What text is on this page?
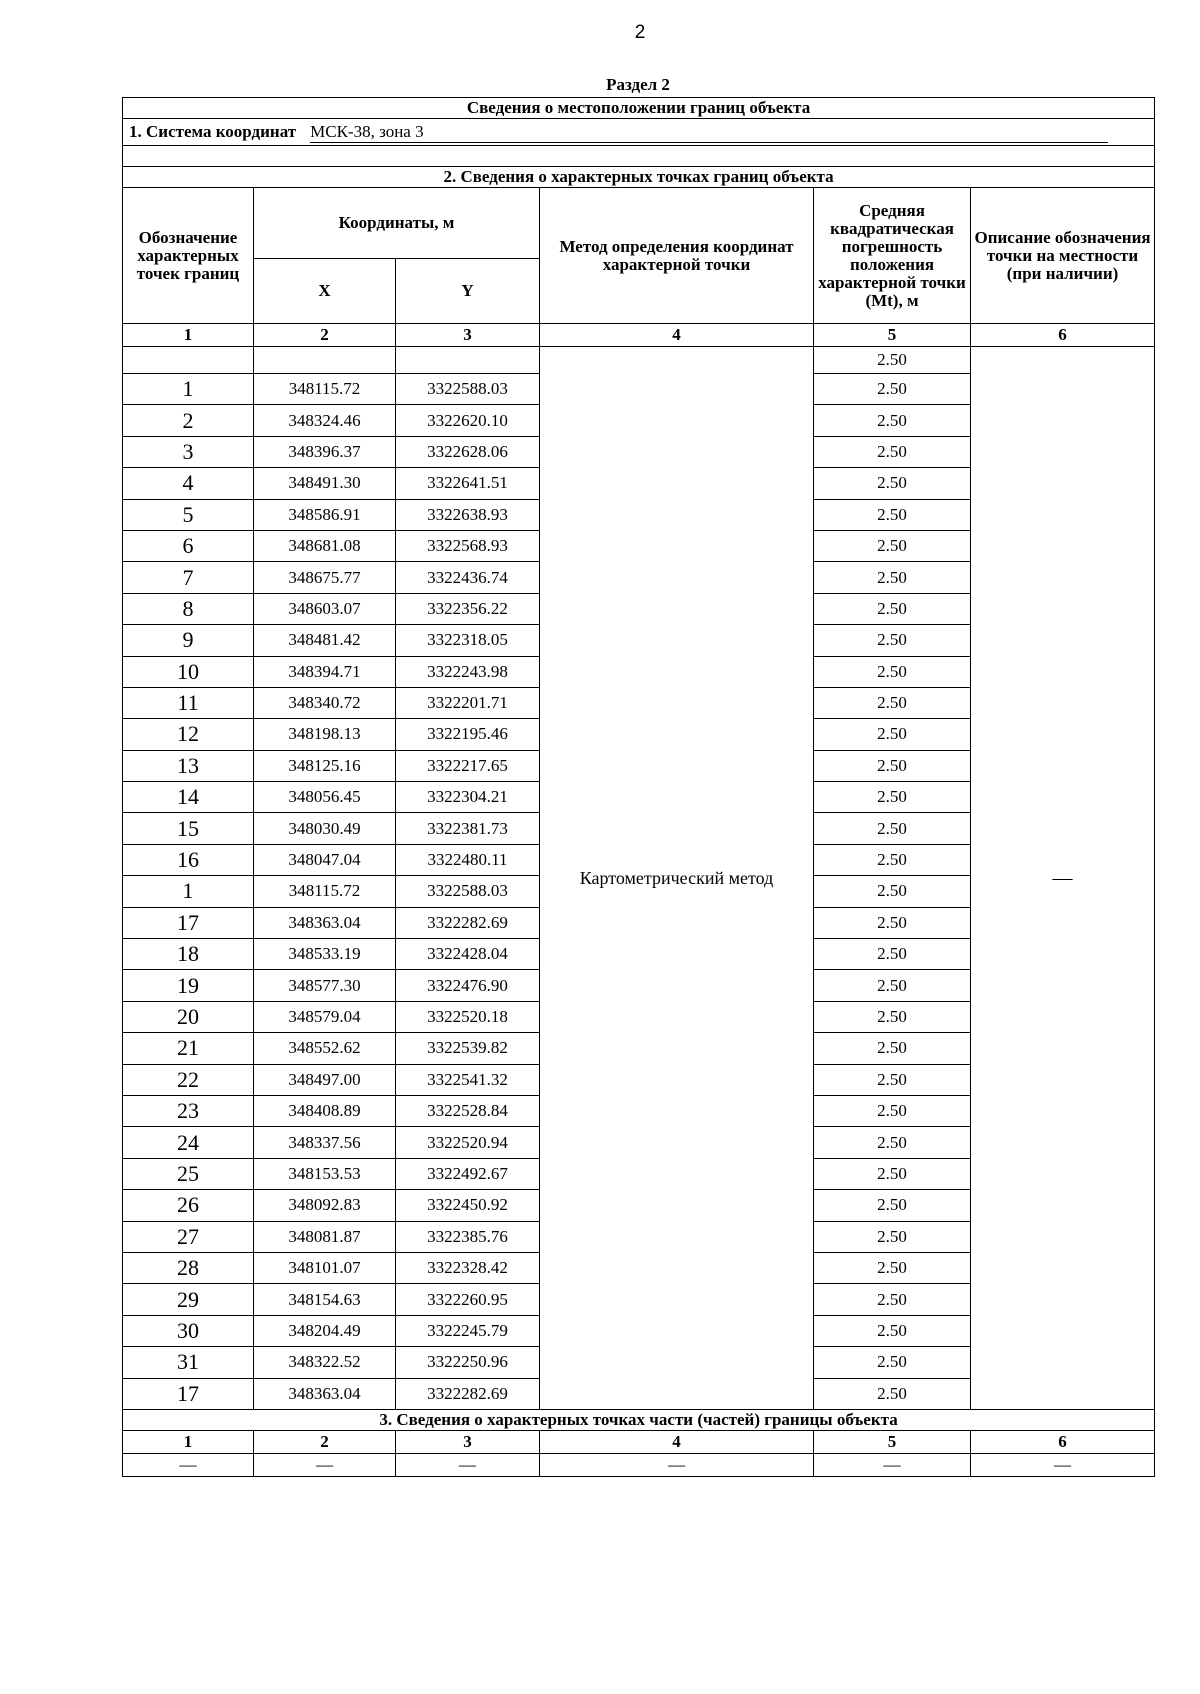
2
Раздел 2
Сведения о местоположении границ объекта					
1. Система координат МСК-38, зона 3					

2. Сведения о характерных точках границ объекта					
Обозначение характерных точек границ	Координаты, м		Метод определения координат характерной точки	Средняя квадратическая погрешность положения характерной точки (Mt), м	Описание обозначения точки на местности (при наличии)
	X	Y			
1	2	3	4	5	6
			Картометрический метод	2.50	—
1	348115.72	3322588.03		2.50	
2	348324.46	3322620.10		2.50	
3	348396.37	3322628.06		2.50	
4	348491.30	3322641.51		2.50	
5	348586.91	3322638.93		2.50	
6	348681.08	3322568.93		2.50	
7	348675.77	3322436.74		2.50	
8	348603.07	3322356.22		2.50	
9	348481.42	3322318.05		2.50	
10	348394.71	3322243.98		2.50	
11	348340.72	3322201.71		2.50	
12	348198.13	3322195.46		2.50	
13	348125.16	3322217.65		2.50	
14	348056.45	3322304.21		2.50	
15	348030.49	3322381.73		2.50	
16	348047.04	3322480.11		2.50	
1	348115.72	3322588.03		2.50	
17	348363.04	3322282.69		2.50	
18	348533.19	3322428.04		2.50	
19	348577.30	3322476.90		2.50	
20	348579.04	3322520.18		2.50	
21	348552.62	3322539.82		2.50	
22	348497.00	3322541.32		2.50	
23	348408.89	3322528.84		2.50	
24	348337.56	3322520.94		2.50	
25	348153.53	3322492.67		2.50	
26	348092.83	3322450.92		2.50	
27	348081.87	3322385.76		2.50	
28	348101.07	3322328.42		2.50	
29	348154.63	3322260.95		2.50	
30	348204.49	3322245.79		2.50	
31	348322.52	3322250.96		2.50	
17	348363.04	3322282.69		2.50	
3. Сведения о характерных точках части (частей) границы объекта					
1	2	3	4	5	6
—	—	—	—	—	—
